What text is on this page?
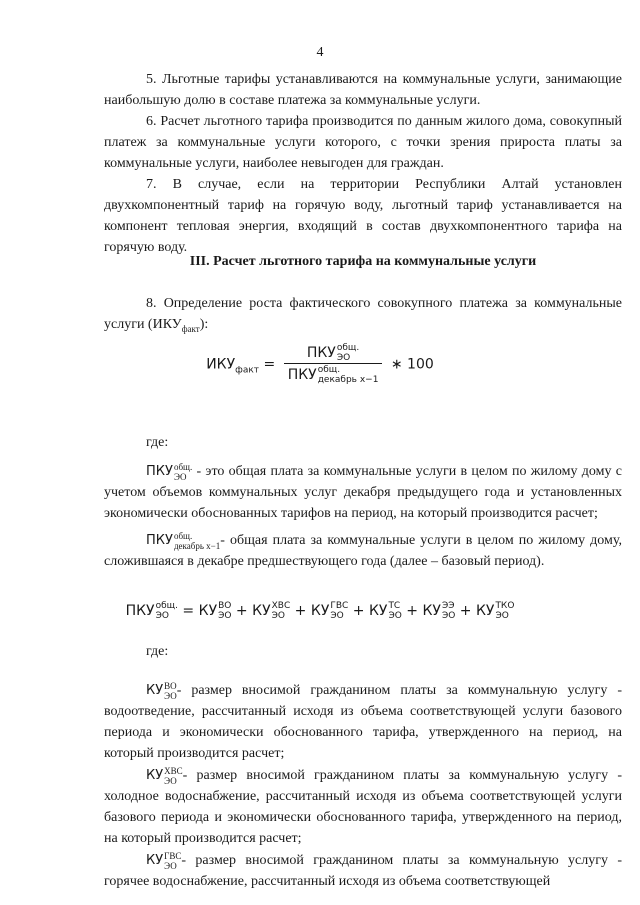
4

5. Льготные тарифы устанавливаются на коммунальные услуги, занимающие наибольшую долю в составе платежа за коммунальные услуги.

6. Расчет льготного тарифа производится по данным жилого дома, совокупный платеж за коммунальные услуги которого, с точки зрения прироста платы за коммунальные услуги, наиболее невыгоден для граждан.

7. В случае, если на территории Республики Алтай установлен двухкомпонентный тариф на горячую воду, льготный тариф устанавливается на компонент тепловая энергия, входящий в состав двухкомпонентного тарифа на горячую воду.

III. Расчет льготного тарифа на коммунальные услуги

8. Определение роста фактического совокупного платежа за коммунальные услуги $(ИКУ_{факт})$:

$ИКУ_{факт}$ = ПКУ общ.
ЭО
ПКУ общ.
декабрь x−1 ∗ 100
где:

ПКУ общ.
ЭО - это общая плата за коммунальные услуги в целом по жилому дому с учетом объемов коммунальных услуг декабря предыдущего года и установленных экономически обоснованных тарифов на период, на который производится расчет;

ПКУ общ.
декабрь x−1 - общая плата за коммунальные услуги в целом по жилому дому, сложившаяся в декабре предшествующего года (далее – базовый период).

ПКУ общ.
ЭО = КУ ВО
ЭО + КУ ХВС
ЭО + КУ ГВС
ЭО + КУ ТС
ЭО + КУ ЭЭ
ЭО + КУ ТКО
ЭО
где:

КУ ВО
ЭО - размер вносимой гражданином платы за коммунальную услугу - водоотведение, рассчитанный исходя из объема соответствующей услуги базового периода и экономически обоснованного тарифа, утвержденного на период, на который производится расчет;

КУ ХВС
ЭО - размер вносимой гражданином платы за коммунальную услугу - холодное водоснабжение, рассчитанный исходя из объема соответствующей услуги базового периода и экономически обоснованного тарифа, утвержденного на период, на который производится расчет;

КУ ГВС
ЭО - размер вносимой гражданином платы за коммунальную услугу - горячее водоснабжение, рассчитанный исходя из объема соответствующей
